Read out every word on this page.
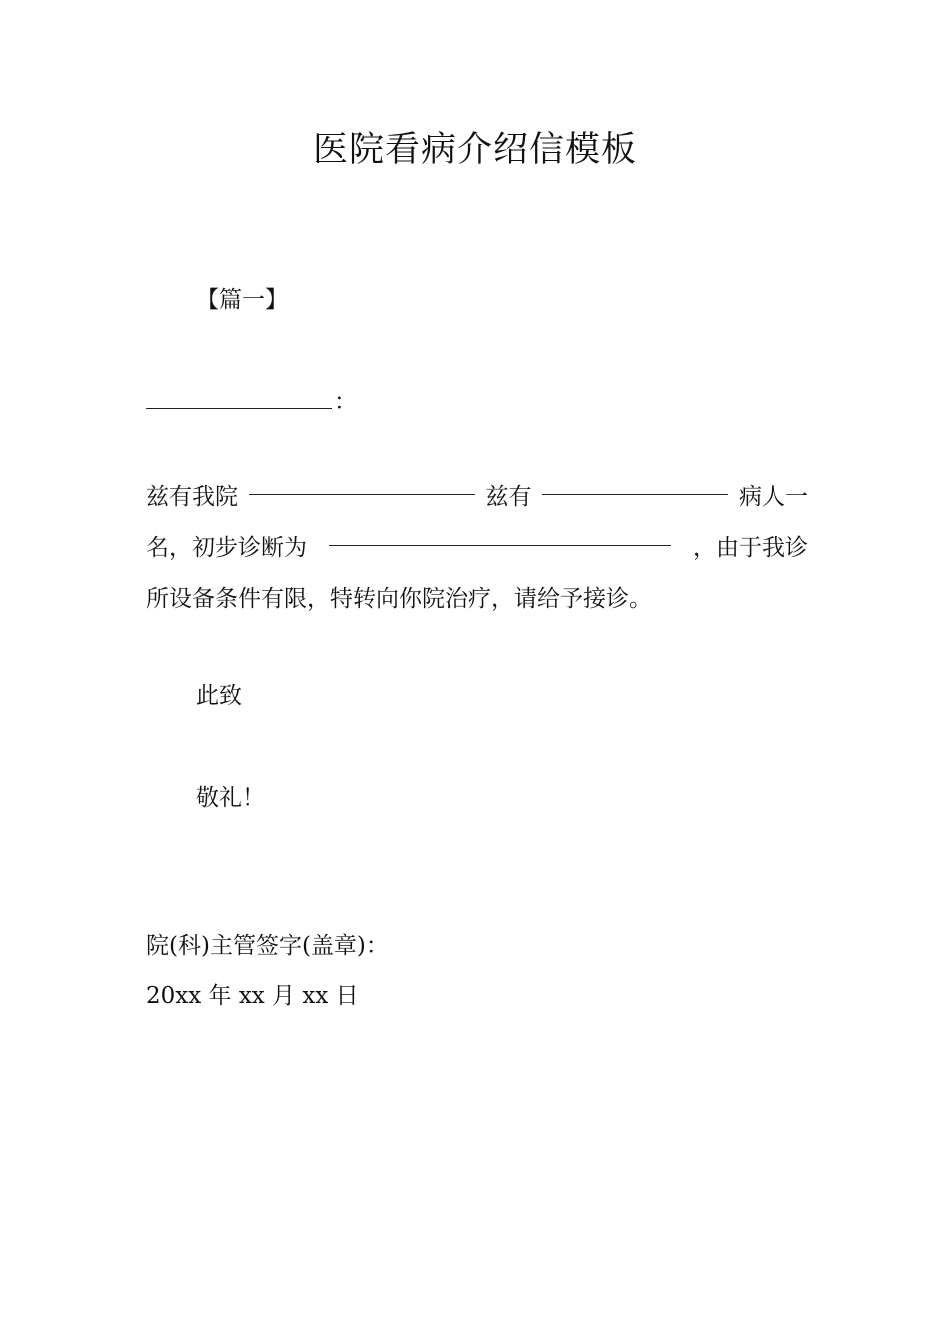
医院看病介绍信模板
【篇一】
：
兹有我院	兹有	病人一
名，初步诊断为	，由于我诊
所设备条件有限，特转向你院治疗，请给予接诊。
此致
敬礼！
院(科)主管签字(盖章)：
20xx 年 xx 月 xx 日
